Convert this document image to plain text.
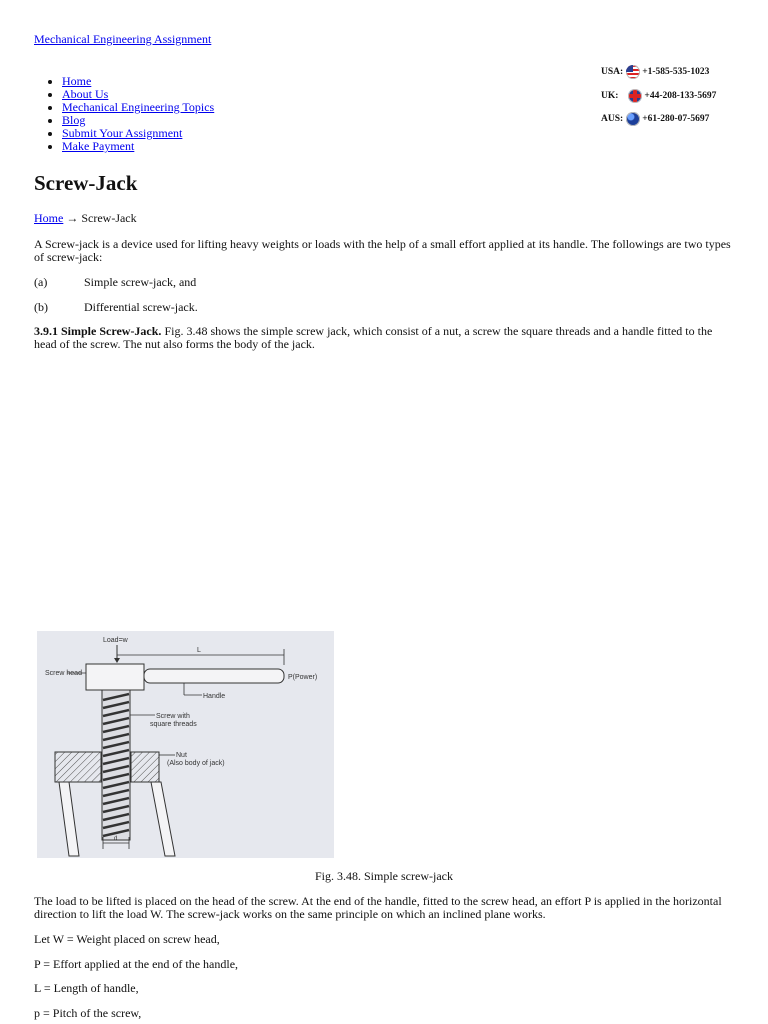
Mechanical Engineering Assignment
• Home
• About Us
• Mechanical Engineering Topics
• Blog
• Submit Your Assignment
• Make Payment
USA : +1-585-535-1023
UK :	+44-208-133-5697
AUS : +61-280-07-5697
Screw-Jack
Home → Screw-Jack

A Screw-jack is a device used for lifting heavy weights or loads with the help of a small effort applied at its handle. The followings are two types of screw-jack:

(a)	Simple screw-jack, and

(b)	Differential screw-jack.

3.9.1 Simple Screw-Jack. Fig. 3.48 shows the simple screw jack, which consist of a nut, a screw the square threads and a handle fitted to the head of the screw. The nut also forms the body of the jack.

Load=w
L
Screw head
P(Power)
Handle
Screw with
square threads
Nut
(Also body of jack)
d
Fig. 3.48. Simple screw-jack

The load to be lifted is placed on the head of the screw. At the end of the handle, fitted to the screw head, an effort P is applied in the horizontal direction to lift the load W. The screw-jack works on the same principle on which an inclined plane works.

Let W = Weight placed on screw head,

P = Effort applied at the end of the handle,

L = Length of handle,

p = Pitch of the screw,
